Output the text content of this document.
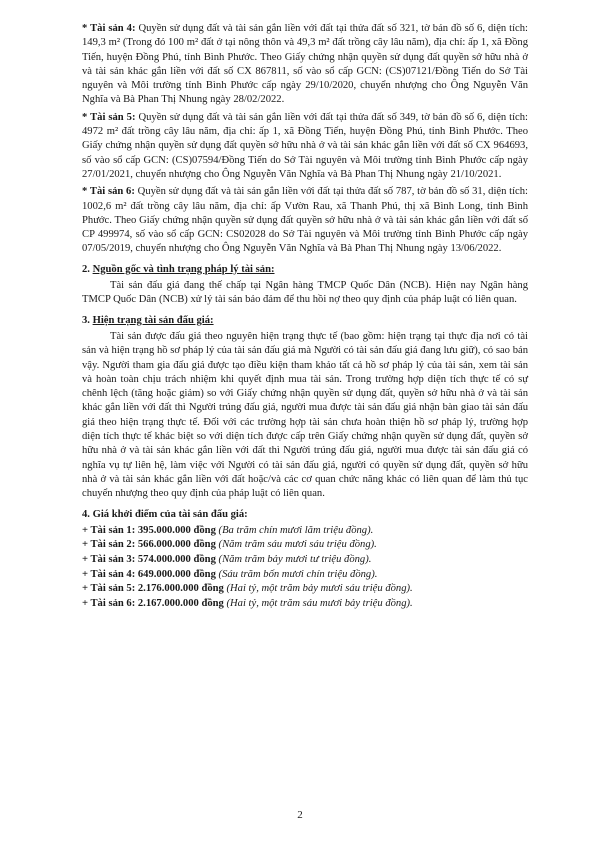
* Tài sản 4: Quyền sử dụng đất và tài sản gắn liền với đất tại thửa đất số 321, tờ bản đồ số 6, diện tích: 149,3 m² (Trong đó 100 m² đất ở tại nông thôn và 49,3 m² đất trồng cây lâu năm), địa chỉ: ấp 1, xã Đồng Tiến, huyện Đồng Phú, tỉnh Bình Phước. Theo Giấy chứng nhận quyền sử dụng đất quyền sở hữu nhà ở và tài sản khác gắn liền với đất số CX 867811, số vào sổ cấp GCN: (CS)07121/Đồng Tiến do Sở Tài nguyên và Môi trường tỉnh Bình Phước cấp ngày 29/10/2020, chuyển nhượng cho Ông Nguyễn Văn Nghĩa và Bà Phan Thị Nhung ngày 28/02/2022.

* Tài sản 5: Quyền sử dụng đất và tài sản gắn liền với đất tại thửa đất số 349, tờ bản đồ số 6, diện tích: 4972 m² đất trồng cây lâu năm, địa chỉ: ấp 1, xã Đồng Tiến, huyện Đồng Phú, tỉnh Bình Phước. Theo Giấy chứng nhận quyền sử dụng đất quyền sở hữu nhà ở và tài sản khác gắn liền với đất số CX 964693, số vào sổ cấp GCN: (CS)07594/Đồng Tiến do Sở Tài nguyên và Môi trường tỉnh Bình Phước cấp ngày 27/01/2021, chuyển nhượng cho Ông Nguyễn Văn Nghĩa và Bà Phan Thị Nhung ngày 21/10/2021.

* Tài sản 6: Quyền sử dụng đất và tài sản gắn liền với đất tại thửa đất số 787, tờ bản đồ số 31, diện tích: 1002,6 m² đất trồng cây lâu năm, địa chỉ: ấp Vườn Rau, xã Thanh Phú, thị xã Bình Long, tỉnh Bình Phước. Theo Giấy chứng nhận quyền sử dụng đất quyền sở hữu nhà ở và tài sản khác gắn liền với đất số CP 499974, số vào sổ cấp GCN: CS02028 do Sở Tài nguyên và Môi trường tỉnh Bình Phước cấp ngày 07/05/2019, chuyển nhượng cho Ông Nguyễn Văn Nghĩa và Bà Phan Thị Nhung ngày 13/06/2022.

2. Nguồn gốc và tình trạng pháp lý tài sản:

Tài sản đấu giá đang thế chấp tại Ngân hàng TMCP Quốc Dân (NCB). Hiện nay Ngân hàng TMCP Quốc Dân (NCB) xử lý tài sản bảo đảm để thu hồi nợ theo quy định của pháp luật có liên quan.

3. Hiện trạng tài sản đấu giá:

Tài sản được đấu giá theo nguyên hiện trạng thực tế (bao gồm: hiện trạng tại thực địa nơi có tài sản và hiện trạng hồ sơ pháp lý của tài sản đấu giá mà Người có tài sản đấu giá đang lưu giữ), có sao bán vậy. Người tham gia đấu giá được tạo điều kiện tham khảo tất cả hồ sơ pháp lý của tài sản, xem tài sản và hoàn toàn chịu trách nhiệm khi quyết định mua tài sản. Trong trường hợp diện tích thực tế có sự chênh lệch (tăng hoặc giảm) so với Giấy chứng nhận quyền sử dụng đất, quyền sở hữu nhà ở và tài sản khác gắn liền với đất thì Người trúng đấu giá, người mua được tài sản đấu giá nhận bàn giao tài sản đấu giá theo hiện trạng thực tế. Đối với các trường hợp tài sản chưa hoàn thiện hồ sơ pháp lý, trường hợp diện tích thực tế khác biệt so với diện tích được cấp trên Giấy chứng nhận quyền sử dụng đất, quyền sở hữu nhà ở và tài sản khác gắn liền với đất thì Người trúng đấu giá, người mua được tài sản đấu giá có nghĩa vụ tự liên hệ, làm việc với Người có tài sản đấu giá, người có quyền sử dụng đất, quyền sở hữu nhà ở và tài sản khác gắn liền với đất hoặc/và các cơ quan chức năng khác có liên quan để làm thủ tục chuyển nhượng theo quy định của pháp luật có liên quan.

4. Giá khởi điểm của tài sản đấu giá:

+ Tài sản 1: 395.000.000 đồng (Ba trăm chín mươi lăm triệu đồng).

+ Tài sản 2: 566.000.000 đồng (Năm trăm sáu mươi sáu triệu đồng).

+ Tài sản 3: 574.000.000 đồng (Năm trăm bảy mươi tư triệu đồng).

+ Tài sản 4: 649.000.000 đồng (Sáu trăm bốn mươi chín triệu đồng).

+ Tài sản 5: 2.176.000.000 đồng (Hai tỷ, một trăm bảy mươi sáu triệu đồng).

+ Tài sản 6: 2.167.000.000 đồng (Hai tỷ, một trăm sáu mươi bảy triệu đồng).

2
